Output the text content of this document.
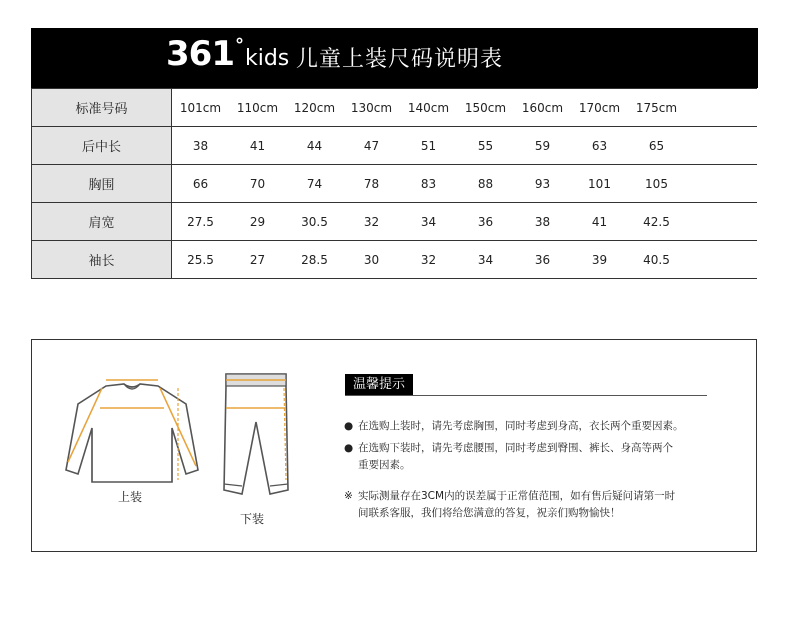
361 °
kids 儿童上装尺码说明表
标准号码	101cm	110cm	120cm	130cm	140cm	150cm	160cm	170cm	175cm	
后中长	38	41	44	47	51	55	59	63	65	
胸围	66	70	74	78	83	88	93	101	105	
肩宽	27.5	29	30.5	32	34	36	38	41	42.5	
袖长	25.5	27	28.5	30	32	34	36	39	40.5	
上装
下装
温馨提示
● 在选购上装时，请先考虑胸围，同时考虑到身高，衣长两个重要因素。
● 在选购下装时，请先考虑腰围，同时考虑到臀围、裤长、身高等两个
重要因素。
※ 实际测量存在3CM内的误差属于正常值范围，如有售后疑问请第一时
间联系客服，我们将给您满意的答复，祝亲们购物愉快！
